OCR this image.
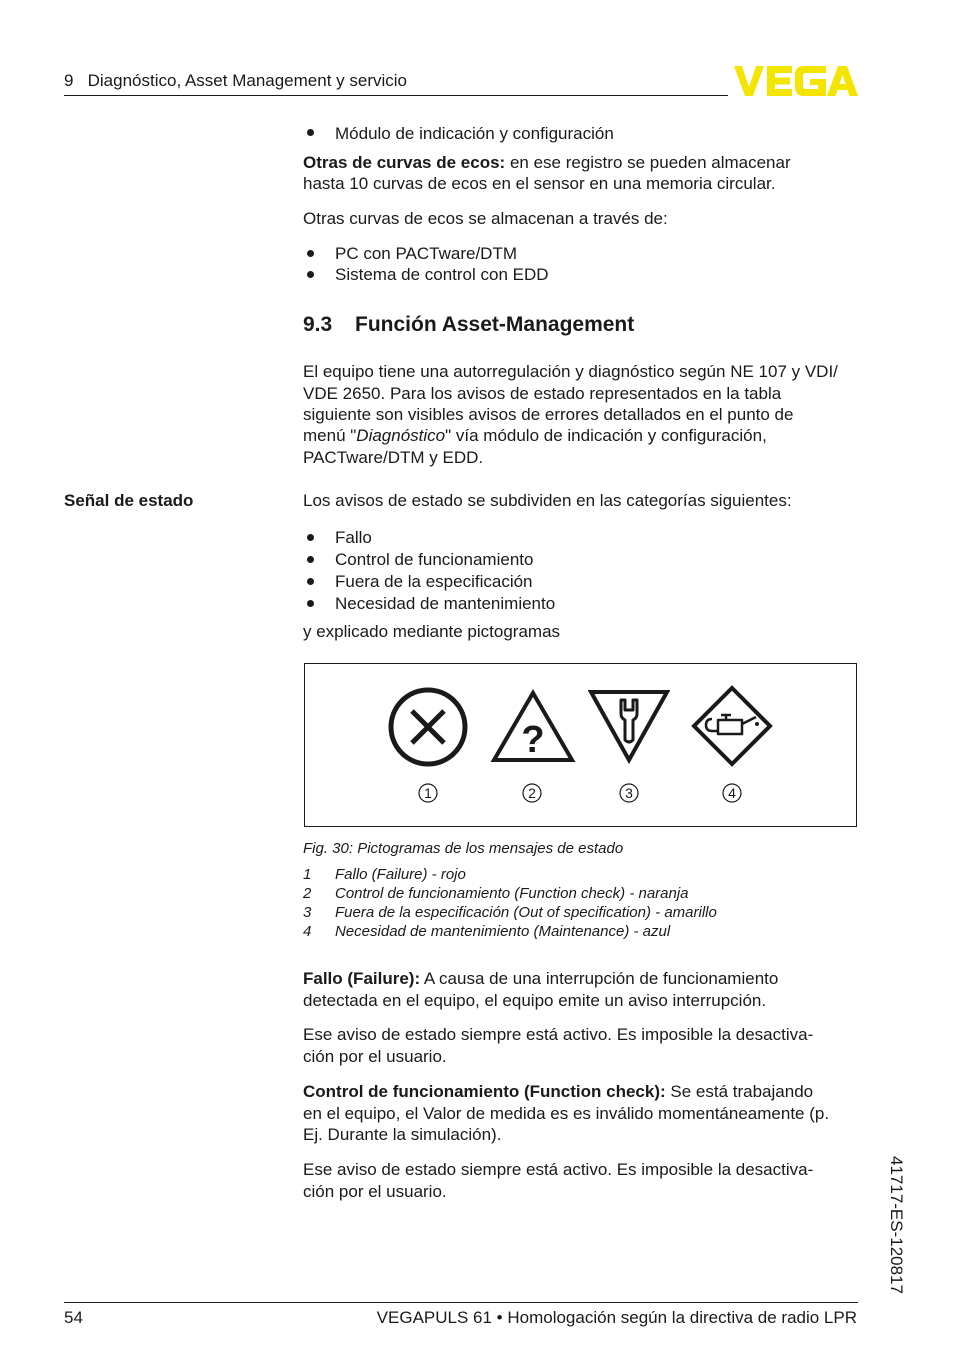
9   Diagnóstico, Asset Management y servicio
Módulo de indicación y configuración
Otras de curvas de ecos: en ese registro se pueden almacenar
hasta 10 curvas de ecos en el sensor en una memoria circular.
Otras curvas de ecos se almacenan a través de:
PC con PACTware/DTM
Sistema de control con EDD
9.3 Función Asset-Management
El equipo tiene una autorregulación y diagnóstico según NE 107 y VDI/
VDE 2650. Para los avisos de estado representados en la tabla
siguiente son visibles avisos de errores detallados en el punto de
menú "Diagnóstico" vía módulo de indicación y configuración,
PACTware/DTM y EDD.
Señal de estado	Los avisos de estado se subdividen en las categorías siguientes:
Fallo
Control de funcionamiento
Fuera de la especificación
Necesidad de mantenimiento
y explicado mediante pictogramas
?
1	2	3	4
Fig. 30: Pictogramas de los mensajes de estado
1 Fallo (Failure) - rojo
2 Control de funcionamiento (Function check) - naranja
3 Fuera de la especificación (Out of specification) - amarillo
4 Necesidad de mantenimiento (Maintenance) - azul
Fallo (Failure): A causa de una interrupción de funcionamiento
detectada en el equipo, el equipo emite un aviso interrupción.
Ese aviso de estado siempre está activo. Es imposible la desactiva-
ción por el usuario.
Control de funcionamiento (Function check): Se está trabajando
en el equipo, el Valor de medida es es inválido momentáneamente (p.
Ej. Durante la simulación).
Ese aviso de estado siempre está activo. Es imposible la desactiva-
ción por el usuario.	41717-ES-120817
54	VEGAPULS 61 • Homologación según la directiva de radio LPR
